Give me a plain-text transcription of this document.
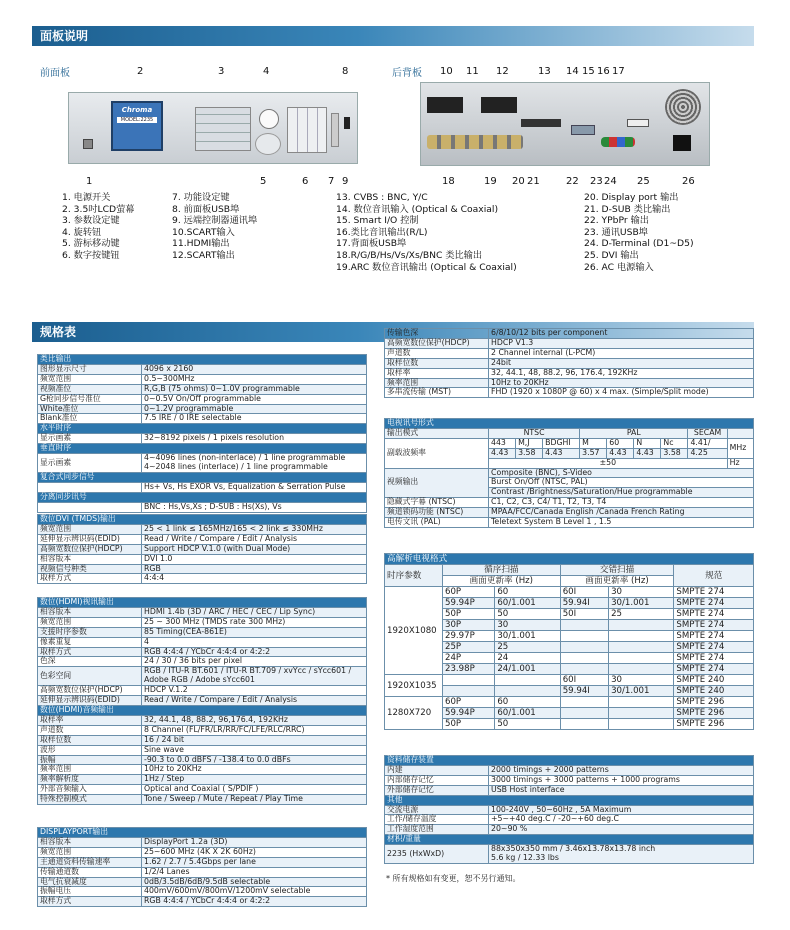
面板说明
规格表
前面板
Chroma
MODEL:2235
2	3	4	8
1	5	6 7 9
后背板 10 11 12	13 14 15 16 17
18	19 20 21	22 23 24 25	26
1. 电源开关
2. 3.5吋LCD萤幕
3. 参数设定键
4. 旋转钮
5. 游标移动键
6. 数字按键钮
7. 功能设定键
8. 前面板USB埠
9. 远端控制器通讯埠
10.SCART输入
11.HDMI输出
12.SCART输出
13. CVBS : BNC, Y/C
14. 数位音讯输入 (Optical & Coaxial)
15. Smart I/O 控制
16.类比音讯输出(R/L)
17.背面板USB埠
18.R/G/B/Hs/Vs/Xs/BNC 类比输出
19.ARC 数位音讯输出 (Optical & Coaxial)
20. Display port 输出
21. D-SUB 类比输出
22. YPbPr 输出
23. 通讯USB埠
24. D-Terminal (D1~D5)
25. DVI 输出
26. AC 电源输入
类比输出	
图形显示尺寸	4096 x 2160
频宽范围	0.5~300MHz
视频准位	R,G,B (75 ohms) 0~1.0V programmable
G枪同步信号准位	0~0.5V On/Off programmable
White准位	0~1.2V programmable
Blank准位	7.5 IRE / 0 IRE selectable
水平时序	
显示画素	32~8192 pixels / 1 pixels resolution
垂直时序	
显示画素	4~4096 lines (non-interlace) / 1 line programmable
4~2048 lines (interlace) / 1 line programmable
复合式同步信号	
	Hs+ Vs, Hs EXOR Vs, Equalization & Serration Pulse
分离同步讯号	
	BNC : Hs,Vs,Xs ; D-SUB : Hs(Xs), Vs
数位DVI (TMDS)输出	
频宽范围	25 < 1 link ≤ 165MHz/165 < 2 link ≤ 330MHz
延伸显示辨识码(EDID)	Read / Write / Compare / Edit / Analysis
高频宽数位保护(HDCP)	Support HDCP V.1.0 (with Dual Mode)
相容版本	DVI 1.0
视频信号种类	RGB
取样方式	4:4:4
数位(HDMI)视讯输出	
相容版本	HDMI 1.4b (3D / ARC / HEC / CEC / Lip Sync)
频宽范围	25 ~ 300 MHz (TMDS rate 300 MHz)
支援时序参数	85 Timing(CEA-861E)
像素重复	4
取样方式	RGB 4:4:4 / YCbCr 4:4:4 or 4:2:2
色深	24 / 30 / 36 bits per pixel
色彩空间	RGB / ITU-R BT.601 / ITU-R BT.709 / xvYcc / sYcc601 /
Adobe RGB / Adobe sYcc601
高频宽数位保护(HDCP)	HDCP V.1.2
延伸显示辨识码(EDID)	Read / Write / Compare / Edit / Analysis
数位(HDMI)音频输出	
取样率	32, 44.1, 48, 88.2, 96,176.4, 192KHz
声道数	8 Channel (FL/FR/LR/RR/FC/LFE/RLC/RRC)
取样位数	16 / 24 bit
波形	Sine wave
振幅	-90.3 to 0.0 dBFS / -138.4 to 0.0 dBFs
频率范围	10Hz to 20KHz
频率解析度	1Hz / Step
外部音频输入	Optical and Coaxial ( S/PDIF )
特殊控制模式	Tone / Sweep / Mute / Repeat / Play Time
DISPLAYPORT输出	
相容版本	DisplayPort 1.2a (3D)
频宽范围	25~600 MHz (4K X 2K 60Hz)
主通道资料传输速率	1.62 / 2.7 / 5.4Gbps per lane
传输通道数	1/2/4 Lanes
电气抗衰减度	0dB/3.5dB/6dB/9.5dB selectable
振幅电压	400mV/600mV/800mV/1200mV selectable
取样方式	RGB 4:4:4 / YCbCr 4:4:4 or 4:2:2
传输色深	6/8/10/12 bits per component
高频宽数位保护(HDCP)	HDCP V1.3
声道数	2 Channel internal (L-PCM)
取样位数	24bit
取样率	32, 44.1, 48, 88.2, 96, 176.4, 192KHz
频率范围	10Hz to 20KHz
多串流传输 (MST)	FHD (1920 x 1080P @ 60) x 4 max. (Simple/Split mode)
电视讯号形式									
输出模式	NTSC			PAL				SECAM	
副载波频率	443	M,J	BDGHI	M	60	N	Nc	4.41/	MHz
	4.43	3.58	4.43	3.57	4.43	4.43	3.58	4.25	
	±50								Hz
视频输出	Composite (BNC), S-Video								
	Burst On/Off (NTSC, PAL)								
	Contrast /Brightness/Saturation/Hue programmable								
隐藏式字幕 (NTSC)	C1, C2, C3, C4/ T1, T2, T3, T4								
频道锁码功能 (NTSC)	MPAA/FCC/Canada English /Canada French Rating								
电传文讯 (PAL)	Teletext System B Level 1 , 1.5								
高解析电视格式					
时序参数	循序扫描		交错扫描		规范
	画面更新率 (Hz)		画面更新率 (Hz)		
1920X1080	60P	60	60I	30	SMPTE 274
	59.94P	60/1.001	59.94I	30/1.001	SMPTE 274
	50P	50	50I	25	SMPTE 274
	30P	30			SMPTE 274
	29.97P	30/1.001			SMPTE 274
	25P	25			SMPTE 274
	24P	24			SMPTE 274
	23.98P	24/1.001			SMPTE 274
1920X1035			60I	30	SMPTE 240
			59.94I	30/1.001	SMPTE 240
1280X720	60P	60			SMPTE 296
	59.94P	60/1.001			SMPTE 296
	50P	50			SMPTE 296
资料储存装置	
内建	2000 timings + 2000 patterns
内部储存记忆	3000 timings + 3000 patterns + 1000 programs
外部储存记忆	USB Host interface
其他	
交流电源	100-240V , 50~60Hz , 5A Maximum
工作/储存温度	+5~+40 deg.C / -20~+60 deg.C
工作湿度范围	20~90 %
材积/重量	
2235 (HxWxD)	88x350x350 mm / 3.46x13.78x13.78 inch
5.6 kg / 12.33 lbs
* 所有规格如有变更，恕不另行通知。
